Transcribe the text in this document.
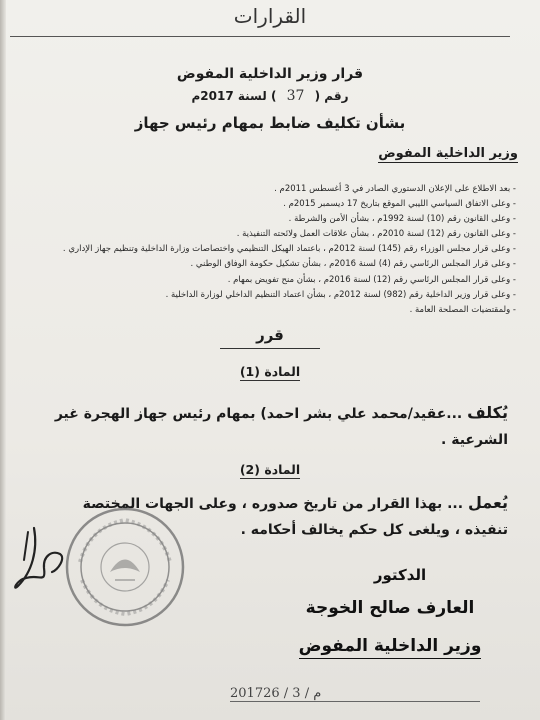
القرارات
قرار وزير الداخلية المفوض
رقم ( 37 ) لسنة 2017م
بشأن تكليف ضابط بمهام رئيس جهاز
وزير الداخلية المفوض
- بعد الاطلاع على الإعلان الدستوري الصادر في 3 أغسطس 2011م .
- وعلى الاتفاق السياسي الليبي الموقع بتاريخ 17 ديسمبر 2015م .
- وعلى القانون رقم (10) لسنة 1992م ، بشأن الأمن والشرطة .
- وعلى القانون رقم (12) لسنة 2010م ، بشأن علاقات العمل ولائحته التنفيذية .
- وعلى قرار مجلس الوزراء رقم (145) لسنة 2012م ، باعتماد الهيكل التنظيمي واختصاصات وزارة الداخلية وتنظيم جهاز الإداري .
- وعلى قرار المجلس الرئاسي رقم (4) لسنة 2016م ، بشأن تشكيل حكومة الوفاق الوطني .
- وعلى قرار المجلس الرئاسي رقم (12) لسنة 2016م ، بشأن منح تفويض بمهام .
- وعلى قرار وزير الداخلية رقم (982) لسنة 2012م ، بشأن اعتماد التنظيم الداخلي لوزارة الداخلية .
- ولمقتضيات المصلحة العامة .
قرر
المادة (1)
يُكلف ...عقيد/محمد علي بشر احمد) بمهام رئيس جهاز الهجرة غير الشرعية .
المادة (2)
يُعمل ... بهذا القرار من تاريخ صدوره ، وعلى الجهات المختصة تنفيذه ، ويلغى كل حكم يخالف أحكامه .
الدكتور
العارف صالح الخوجة
وزير الداخلية المفوض
2017م / 3 / 26
